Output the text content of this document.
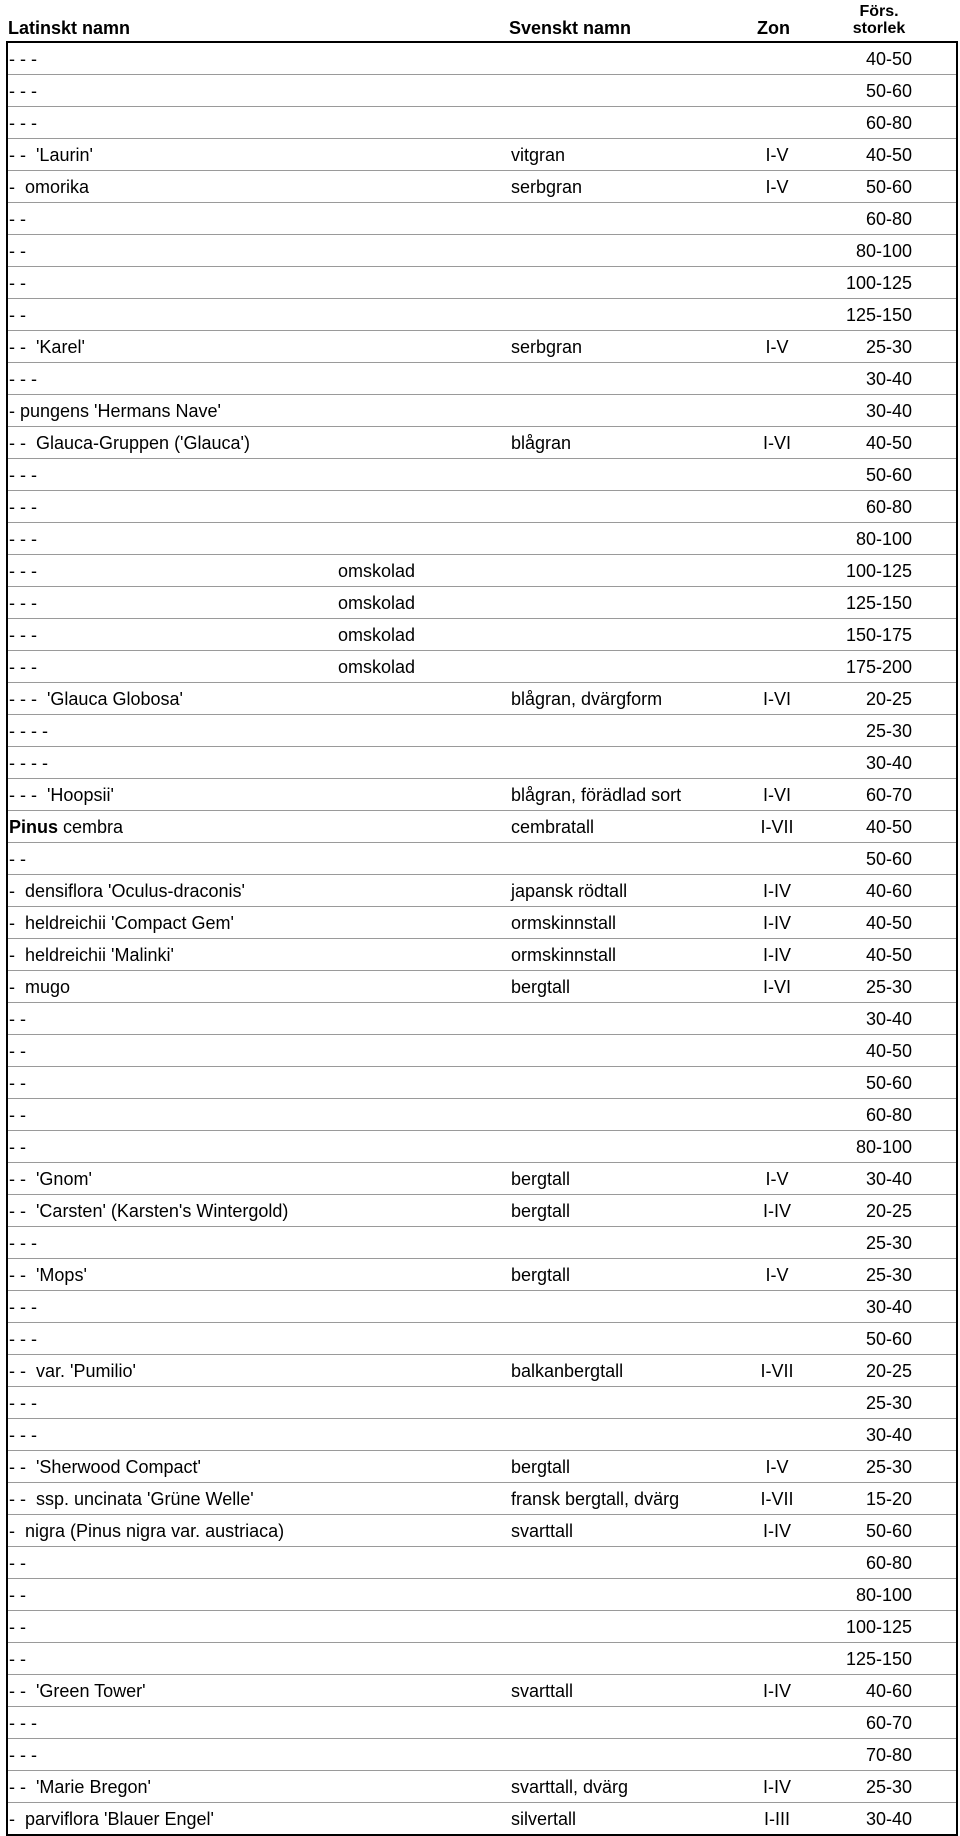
Latinskt namn	Svenskt namn	Zon
Förs.
storlek
- - -	40-50
- - -	50-60
- - -	60-80
- -  'Laurin'	vitgran	I-V	40-50
-  omorika	serbgran	I-V	50-60
- -	60-80
- -	80-100
- -	100-125
- -	125-150
- -  'Karel'	serbgran	I-V	25-30
- - -	30-40
- pungens 'Hermans Nave'	30-40
- -  Glauca-Gruppen ('Glauca')	blågran	I-VI	40-50
- - -	50-60
- - -	60-80
- - -	80-100
- - -	omskolad	100-125
- - -	omskolad	125-150
- - -	omskolad	150-175
- - -	omskolad	175-200
- - -  'Glauca Globosa'	blågran, dvärgform	I-VI	20-25
- - - -	25-30
- - - -	30-40
- - -  'Hoopsii'	blågran, förädlad sort	I-VI	60-70
Pinus cembra	cembratall	I-VII	40-50
- -	50-60
-  densiflora 'Oculus-draconis'	japansk rödtall	I-IV	40-60
-  heldreichii 'Compact Gem'	ormskinnstall	I-IV	40-50
-  heldreichii 'Malinki'	ormskinnstall	I-IV	40-50
-  mugo	bergtall	I-VI	25-30
- -	30-40
- -	40-50
- -	50-60
- -	60-80
- -	80-100
- -  'Gnom'	bergtall	I-V	30-40
- -  'Carsten' (Karsten's Wintergold)	bergtall	I-IV	20-25
- - -	25-30
- -  'Mops'	bergtall	I-V	25-30
- - -	30-40
- - -	50-60
- -  var. 'Pumilio'	balkanbergtall	I-VII	20-25
- - -	25-30
- - -	30-40
- -  'Sherwood Compact'	bergtall	I-V	25-30
- -  ssp. uncinata 'Grüne Welle'	fransk bergtall, dvärg	I-VII	15-20
-  nigra (Pinus nigra var. austriaca)	svarttall	I-IV	50-60
- -	60-80
- -	80-100
- -	100-125
- -	125-150
- -  'Green Tower'	svarttall	I-IV	40-60
- - -	60-70
- - -	70-80
- -  'Marie Bregon'	svarttall, dvärg	I-IV	25-30
-  parviflora 'Blauer Engel'	silvertall	I-III	30-40
